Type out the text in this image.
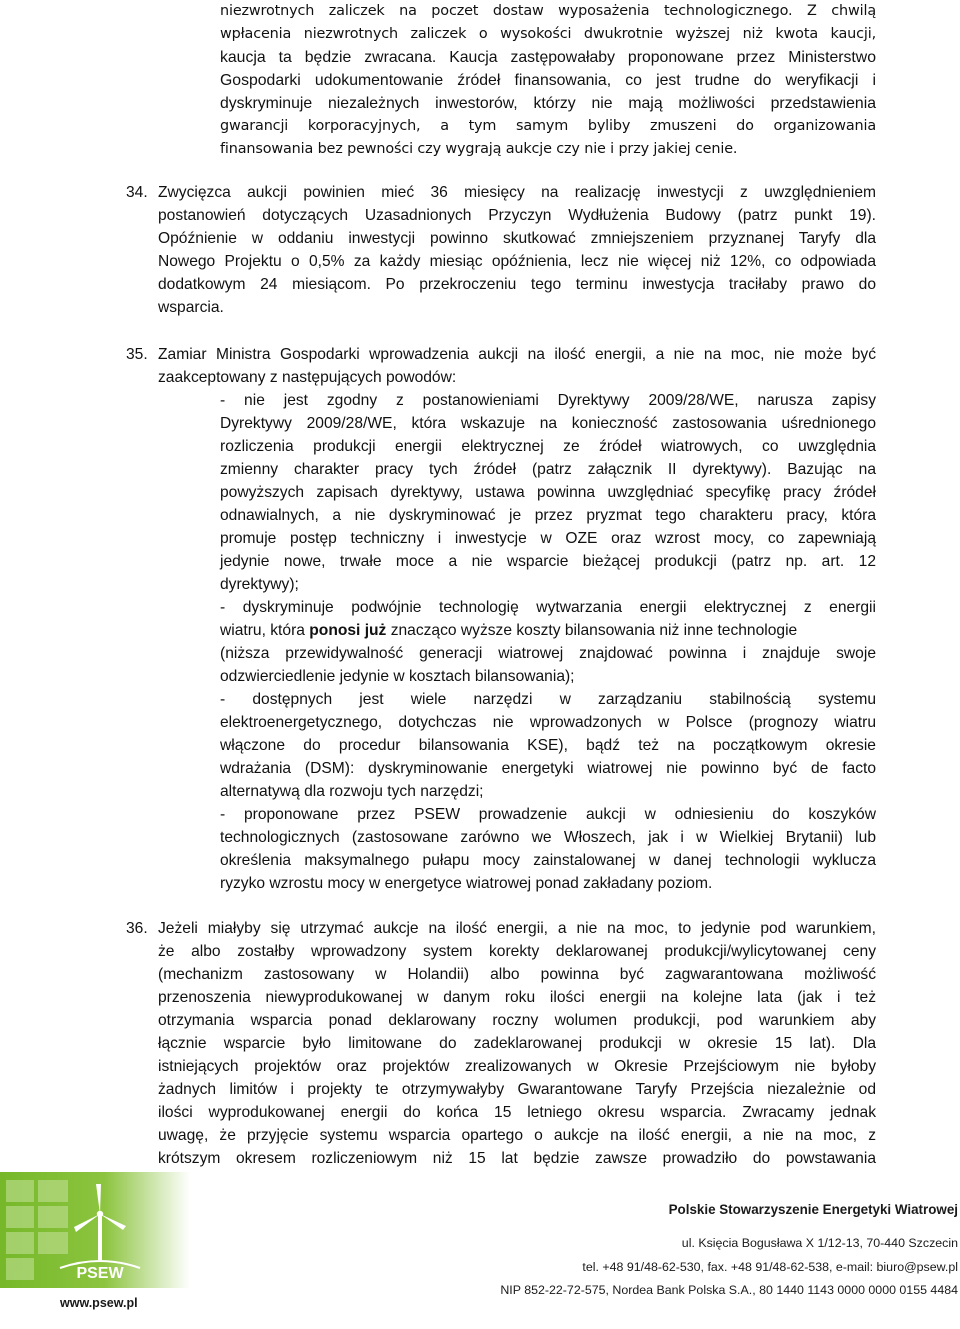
niezwrotnych zaliczek na poczet dostaw wyposażenia technologicznego. Z chwilą
wpłacenia niezwrotnych zaliczek o wysokości dwukrotnie wyższej niż kwota kaucji,
kaucja ta będzie zwracana. Kaucja zastępowałaby proponowane przez Ministerstwo
Gospodarki udokumentowanie źródeł finansowania, co jest trudne do weryfikacji i
dyskryminuje niezależnych inwestorów, którzy nie mają możliwości przedstawienia
gwarancji korporacyjnych, a tym samym byliby zmuszeni do organizowania
finansowania bez pewności czy wygrają aukcje czy nie i przy jakiej cenie.
34. Zwycięzca aukcji powinien mieć 36 miesięcy na realizację inwestycji z uwzględnieniem
postanowień dotyczących Uzasadnionych Przyczyn Wydłużenia Budowy (patrz punkt 19).
Opóźnienie w oddaniu inwestycji powinno skutkować zmniejszeniem przyznanej Taryfy dla
Nowego Projektu o 0,5% za każdy miesiąc opóźnienia, lecz nie więcej niż 12%, co odpowiada
dodatkowym 24 miesiącom. Po przekroczeniu tego terminu inwestycja traciłaby prawo do
wsparcia.
35. Zamiar Ministra Gospodarki wprowadzenia aukcji na ilość energii, a nie na moc, nie może być
zaakceptowany z następujących powodów:
- nie jest zgodny z postanowieniami Dyrektywy 2009/28/WE, narusza zapisy
Dyrektywy 2009/28/WE, która wskazuje na konieczność zastosowania uśrednionego
rozliczenia produkcji energii elektrycznej ze źródeł wiatrowych, co uwzględnia
zmienny charakter pracy tych źródeł (patrz załącznik II dyrektywy). Bazując na
powyższych zapisach dyrektywy, ustawa powinna uwzględniać specyfikę pracy źródeł
odnawialnych, a nie dyskryminować je przez pryzmat tego charakteru pracy, która
promuje postęp techniczny i inwestycje w OZE oraz wzrost mocy, co zapewniają
jedynie nowe, trwałe moce a nie wsparcie bieżącej produkcji (patrz np. art. 12
dyrektywy);
- dyskryminuje podwójnie technologię wytwarzania energii elektrycznej z energii
wiatru, która ponosi już znacząco wyższe koszty bilansowania niż inne technologie
(niższa przewidywalność generacji wiatrowej znajdować powinna i znajduje swoje
odzwierciedlenie jedynie w kosztach bilansowania);
- dostępnych jest wiele narzędzi w zarządzaniu stabilnością systemu
elektroenergetycznego, dotychczas nie wprowadzonych w Polsce (prognozy wiatru
włączone do procedur bilansowania KSE), bądź też na początkowym okresie
wdrażania (DSM): dyskryminowanie energetyki wiatrowej nie powinno być de facto
alternatywą dla rozwoju tych narzędzi;
- proponowane przez PSEW prowadzenie aukcji w odniesieniu do koszyków
technologicznych (zastosowane zarówno we Włoszech, jak i w Wielkiej Brytanii) lub
określenia maksymalnego pułapu mocy zainstalowanej w danej technologii wyklucza
ryzyko wzrostu mocy w energetyce wiatrowej ponad zakładany poziom.
36. Jeżeli miałyby się utrzymać aukcje na ilość energii, a nie na moc, to jedynie pod warunkiem,
że albo zostałby wprowadzony system korekty deklarowanej produkcji/wylicytowanej ceny
(mechanizm zastosowany w Holandii) albo powinna być zagwarantowana możliwość
przenoszenia niewyprodukowanej w danym roku ilości energii na kolejne lata (jak i też
otrzymania wsparcia ponad deklarowany roczny wolumen produkcji, pod warunkiem aby
łącznie wsparcie było limitowane do zadeklarowanej produkcji w okresie 15 lat). Dla
istniejących projektów oraz projektów zrealizowanych w Okresie Przejściowym nie byłoby
żadnych limitów i projekty te otrzymywałyby Gwarantowane Taryfy Przejścia niezależnie od
ilości wyprodukowanej energii do końca 15 letniego okresu wsparcia. Zwracamy jednak
uwagę, że przyjęcie systemu wsparcia opartego o aukcje na ilość energii, a nie na moc, z
krótszym okresem rozliczeniowym niż 15 lat będzie zawsze prowadziło do powstawania
PSEW
www.psew.pl
Polskie Stowarzyszenie Energetyki Wiatrowej
ul. Księcia Bogusława X 1/12-13, 70-440 Szczecin
tel. +48 91/48-62-530, fax. +48 91/48-62-538, e-mail: biuro@psew.pl
NIP 852-22-72-575, Nordea Bank Polska S.A., 80 1440 1143 0000 0000 0155 4484
